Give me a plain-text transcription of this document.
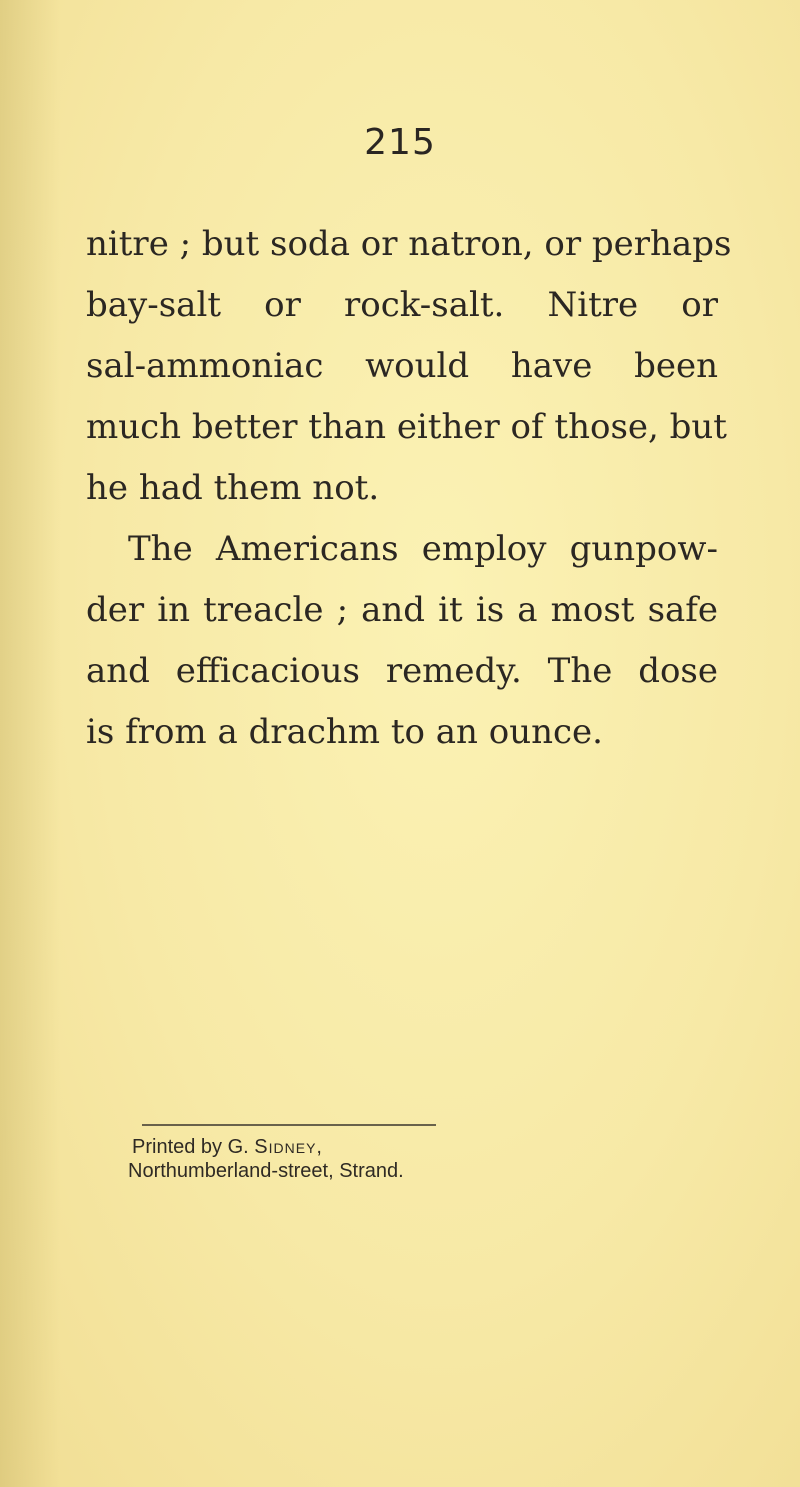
215
nitre ; but soda or natron, or perhaps
bay-salt or rock-salt. Nitre or
sal-ammoniac would have been
much better than either of those, but
he had them not.
The Americans employ gunpow-
der in treacle ; and it is a most safe
and efficacious remedy. The dose
is from a drachm to an ounce.
Printed by G. Sidney,
Northumberland-street, Strand.
